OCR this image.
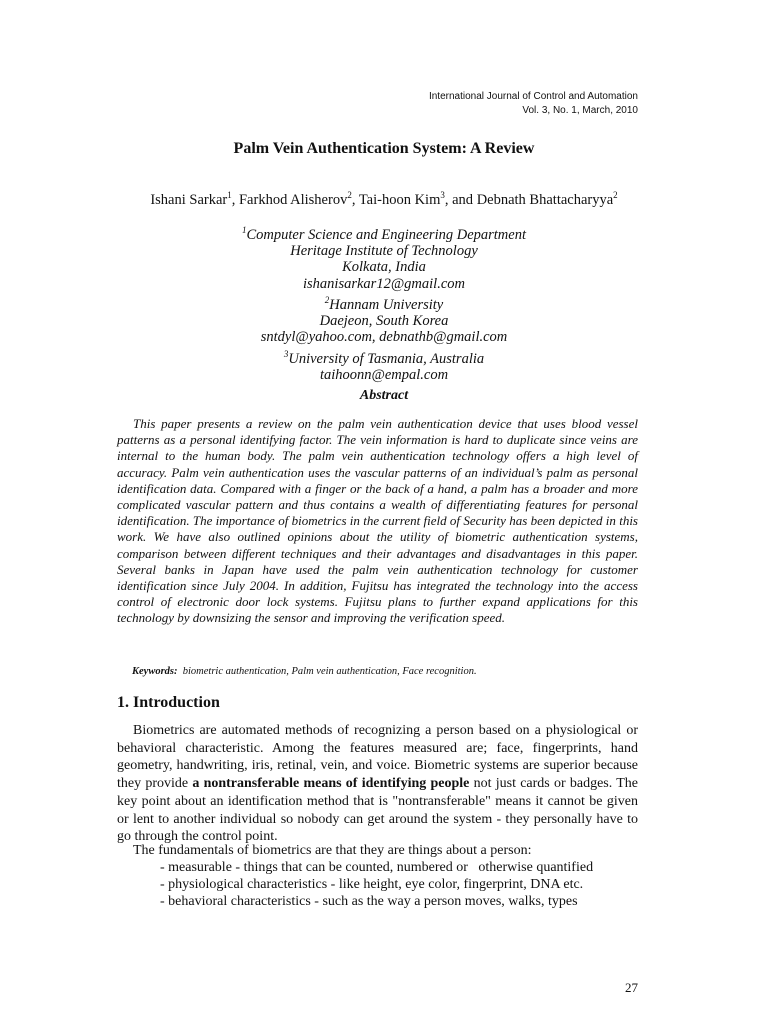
International Journal of Control and Automation
Vol. 3, No. 1, March, 2010
Palm Vein Authentication System: A Review
Ishani Sarkar$^1$, Farkhod Alisherov$^2$, Tai-hoon Kim$^3$, and Debnath Bhattacharyya$^2$
$^1$Computer Science and Engineering Department
Heritage Institute of Technology
Kolkata, India
ishanisarkar12@gmail.com
$^2$Hannam University
Daejeon, South Korea
sntdyl@yahoo.com, debnathb@gmail.com
$^3$University of Tasmania, Australia
taihoonn@empal.com
Abstract

This paper presents a review on the palm vein authentication device that uses blood vessel patterns as a personal identifying factor. The vein information is hard to duplicate since veins are internal to the human body. The palm vein authentication technology offers a high level of accuracy. Palm vein authentication uses the vascular patterns of an individual’s palm as personal identification data. Compared with a finger or the back of a hand, a palm has a broader and more complicated vascular pattern and thus contains a wealth of differentiating features for personal identification. The importance of biometrics in the current field of Security has been depicted in this work. We have also outlined opinions about the utility of biometric authentication systems, comparison between different techniques and their advantages and disadvantages in this paper. Several banks in Japan have used the palm vein authentication technology for customer identification since July 2004. In addition, Fujitsu has integrated the technology into the access control of electronic door lock systems. Fujitsu plans to further expand applications for this technology by downsizing the sensor and improving the verification speed.

Keywords: biometric authentication, Palm vein authentication, Face recognition.
1. Introduction

Biometrics are automated methods of recognizing a person based on a physiological or behavioral characteristic. Among the features measured are; face, fingerprints, hand geometry, handwriting, iris, retinal, vein, and voice. Biometric systems are superior because they provide a nontransferable means of identifying people not just cards or badges. The key point about an identification method that is "nontransferable" means it cannot be given or lent to another individual so nobody can get around the system - they personally have to go through the control point.

The fundamentals of biometrics are that they are things about a person:

- measurable - things that can be counted, numbered or   otherwise quantified
- physiological characteristics - like height, eye color, fingerprint, DNA etc.
- behavioral characteristics - such as the way a person moves, walks, types
27
